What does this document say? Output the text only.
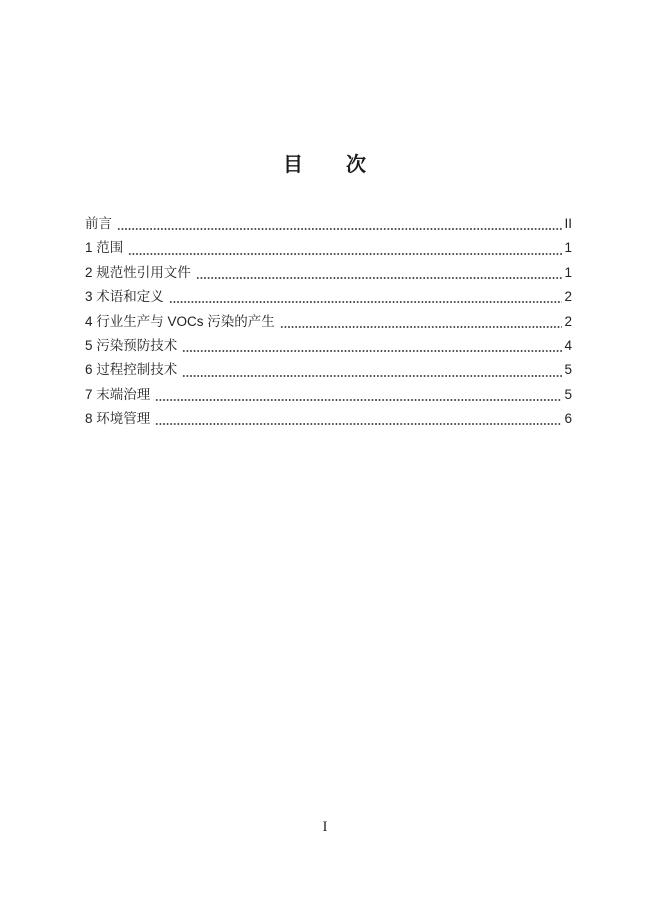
目　　次
前言	II
1 范围	1
2 规范性引用文件	1
3 术语和定义	2
4 行业生产与 VOCs 污染的产生	2
5 污染预防技术	4
6 过程控制技术	5
7 末端治理	5
8 环境管理	6
I
